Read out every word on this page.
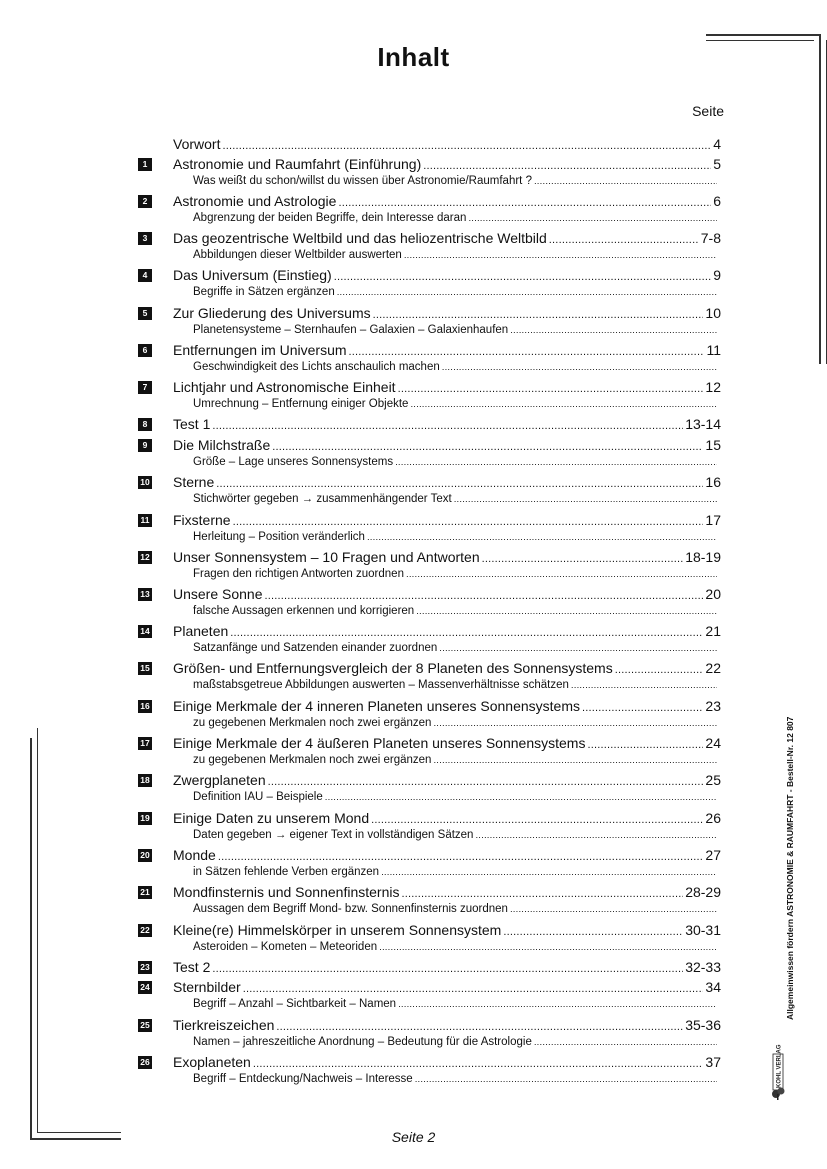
Inhalt
Seite
Vorwort .....	4
1	Astronomie und Raumfahrt (Einführung) .....	5
Was weißt du schon/willst du wissen über Astronomie/Raumfahrt ?
.....
2	Astronomie und Astrologie .....	6
Abgrenzung der beiden Begriffe, dein Interesse daran
.....
3	Das geozentrische Weltbild und das heliozentrische Weltbild .....	7-8
Abbildungen dieser Weltbilder auswerten
.....
4	Das Universum (Einstieg) .....	9
Begriffe in Sätzen ergänzen
.....
5	Zur Gliederung des Universums .....	10
Planetensysteme – Sternhaufen – Galaxien – Galaxienhaufen
.....
6	Entfernungen im Universum .....	11
Geschwindigkeit des Lichts anschaulich machen
.....
7	Lichtjahr und Astronomische Einheit .....	12
Umrechnung – Entfernung einiger Objekte
.....
8	Test 1 .....	13-14
9	Die Milchstraße .....	15
Größe – Lage unseres Sonnensystems
.....
10 Sterne .....	16
Stichwörter gegeben → zusammenhängender Text
.....
11 Fixsterne .....	17
Herleitung – Position veränderlich
.....
12 Unser Sonnensystem – 10 Fragen und Antworten .....	18-19
Fragen den richtigen Antworten zuordnen
.....
13 Unsere Sonne .....	20
falsche Aussagen erkennen und korrigieren
.....
14 Planeten .....	21
Satzanfänge und Satzenden einander zuordnen
.....
15 Größen- und Entfernungsvergleich der 8 Planeten des Sonnensystems .....	22
maßstabsgetreue Abbildungen auswerten – Massenverhältnisse schätzen
.....
16 Einige Merkmale der 4 inneren Planeten unseres Sonnensystems .....	23
zu gegebenen Merkmalen noch zwei ergänzen
.....
17 Einige Merkmale der 4 äußeren Planeten unseres Sonnensystems .....	24
zu gegebenen Merkmalen noch zwei ergänzen
.....
18 Zwergplaneten .....	25
Definition IAU – Beispiele
.....
19 Einige Daten zu unserem Mond .....	26
Daten gegeben → eigener Text in vollständigen Sätzen
.....
20 Monde .....	27
in Sätzen fehlende Verben ergänzen
.....
21 Mondfinsternis und Sonnenfinsternis .....	28-29
Aussagen dem Begriff Mond- bzw. Sonnenfinsternis zuordnen
.....
22 Kleine(re) Himmelskörper in unserem Sonnensystem .....	30-31
Asteroiden – Kometen – Meteoriden
.....
23 Test 2 .....	32-33
24 Sternbilder .....	34
Begriff – Anzahl – Sichtbarkeit – Namen
.....
25 Tierkreiszeichen .....	35-36
Namen – jahreszeitliche Anordnung – Bedeutung für die Astrologie
.....
26 Exoplaneten .....	37
Begriff – Entdeckung/Nachweis – Interesse
.....
Allgemeinwissen fördern ASTRONOMIE & RAUMFAHRT - Bestell-Nr. 12 807
KOHL VERLAG
Seite 2
